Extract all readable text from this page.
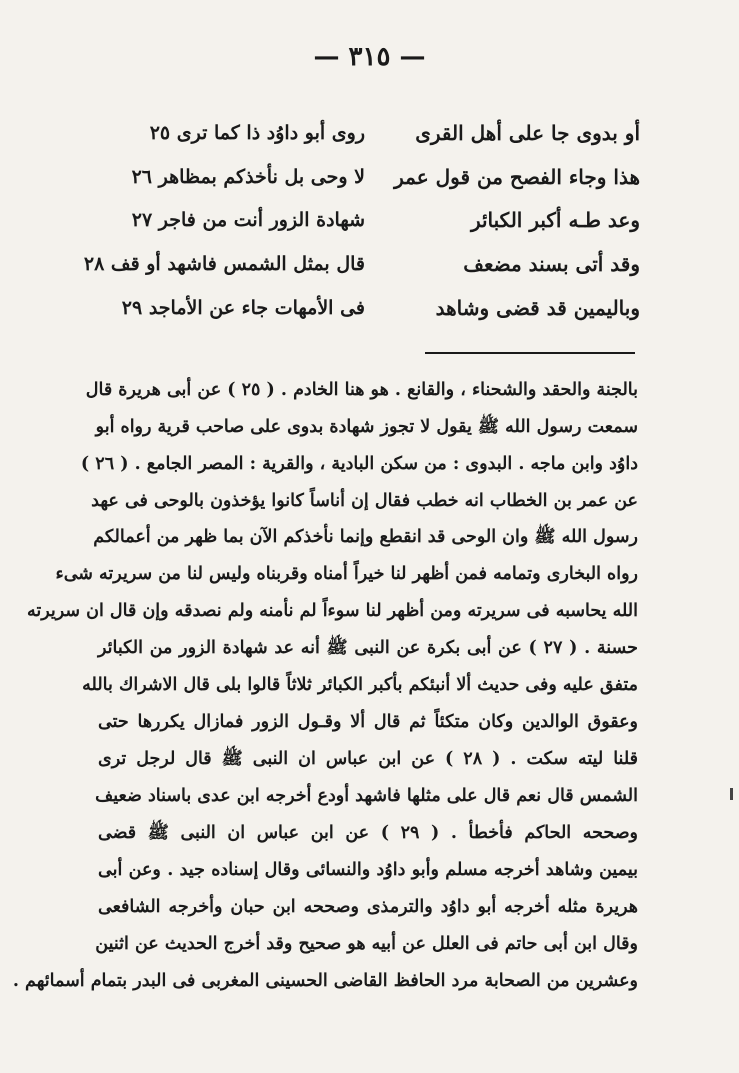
— ٣١٥ —
أو بدوى جا على أهل القرى
روى أبو داوُد ذا كما ترى ٢٥
هذا وجاء الفصح من قول عمر
لا وحى بل نأخذكم بمظاهر ٢٦
وعد طـه أكبر الكبائر
شهادة الزور أنت من فاجر ٢٧
وقد أتى بسند مضعف
قال بمثل الشمس فاشهد أو قف ٢٨
وباليمين قد قضى وشاهد
فى الأمهات جاء عن الأماجد ٢٩
بالجنة والحقد والشحناء ، والقانع . هو هنا الخادم . ( ٢٥ ) عن أبى هريرة قال
سمعت رسول الله ﷺ يقول لا تجوز شهادة بدوى على صاحب قرية رواه أبو
داوُد وابن ماجه . البدوى : من سكن البادية ، والقرية : المصر الجامع . ( ٢٦ )
عن عمر بن الخطاب انه خطب فقال إن أناساً كانوا يؤخذون بالوحى فى عهد
رسول الله ﷺ وان الوحى قد انقطع وإنما نأخذكم الآن بما ظهر من أعمالكم
رواه البخارى وتمامه فمن أظهر لنا خيراً أمناه وقربناه وليس لنا من سريرته شىء
الله يحاسبه فى سريرته ومن أظهر لنا سوءاً لم نأمنه ولم نصدقه وإن قال ان سريرته
حسنة . ( ٢٧ ) عن أبى بكرة عن النبى ﷺ أنه عد شهادة الزور من الكبائر
متفق عليه وفى حديث ألا أنبئكم بأكبر الكبائر ثلاثاً قالوا بلى قال الاشراك بالله
وعقوق الوالدين وكان متكئاً ثم قال ألا وقـول الزور فمازال يكررها حتى
قلنا ليته سكت . ( ٢٨ ) عن ابن عباس ان النبى ﷺ قال لرجل ترى
الشمس قال نعم قال على مثلها فاشهد أودع أخرجه ابن عدى باسناد ضعيف
وصححه الحاكم فأخطأ . ( ٢٩ ) عن ابن عباس ان النبى ﷺ قضى
بيمين وشاهد أخرجه مسلم وأبو داوُد والنسائى وقال إسناده جيد . وعن أبى
هريرة مثله أخرجه أبو داوُد والترمذى وصححه ابن حبان وأخرجه الشافعى
وقال ابن أبى حاتم فى العلل عن أبيه هو صحيح وقد أخرج الحديث عن اثنين
وعشرين من الصحابة مرد الحافظ القاضى الحسينى المغربى فى البدر بتمام أسمائهم .
